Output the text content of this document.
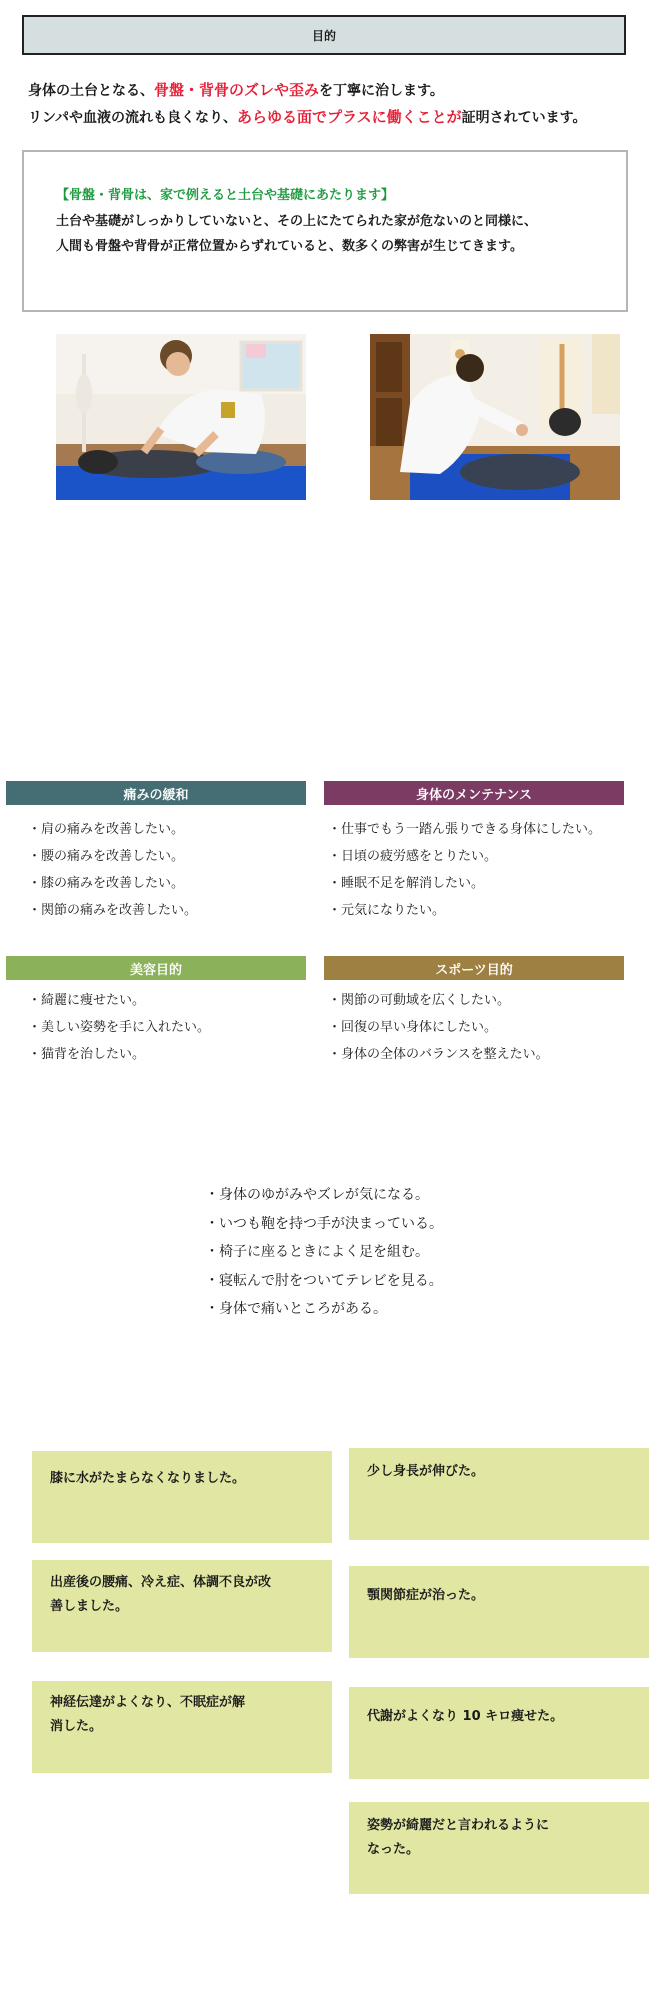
目的
身体の土台となる、骨盤・背骨のズレや歪みを丁寧に治します。
リンパや血液の流れも良くなり、あらゆる面でプラスに働くことが証明されています。
【骨盤・背骨は、家で例えると土台や基礎にあたります】
土台や基礎がしっかりしていないと、その上にたてられた家が危ないのと同様に、
人間も骨盤や背骨が正常位置からずれていると、数多くの弊害が生じてきます。
痛みの緩和	身体のメンテナンス
美容目的	スポーツ目的
・肩の痛みを改善したい。
・腰の痛みを改善したい。
・膝の痛みを改善したい。
・関節の痛みを改善したい。
・仕事でもう一踏ん張りできる身体にしたい。
・日頃の疲労感をとりたい。
・睡眠不足を解消したい。
・元気になりたい。
・綺麗に痩せたい。
・美しい姿勢を手に入れたい。
・猫背を治したい。
・関節の可動域を広くしたい。
・回復の早い身体にしたい。
・身体の全体のバランスを整えたい。
・身体のゆがみやズレが気になる。
・いつも鞄を持つ手が決まっている。
・椅子に座るときによく足を組む。
・寝転んで肘をついてテレビを見る。
・身体で痛いところがある。
膝に水がたまらなくなりました。	少し身長が伸びた。
出産後の腰痛、冷え症、体調不良が改
善しました。
顎関節症が治った。
神経伝達がよくなり、不眠症が解
消した。
代謝がよくなり 10 キロ痩せた。
姿勢が綺麗だと言われるように
なった。
